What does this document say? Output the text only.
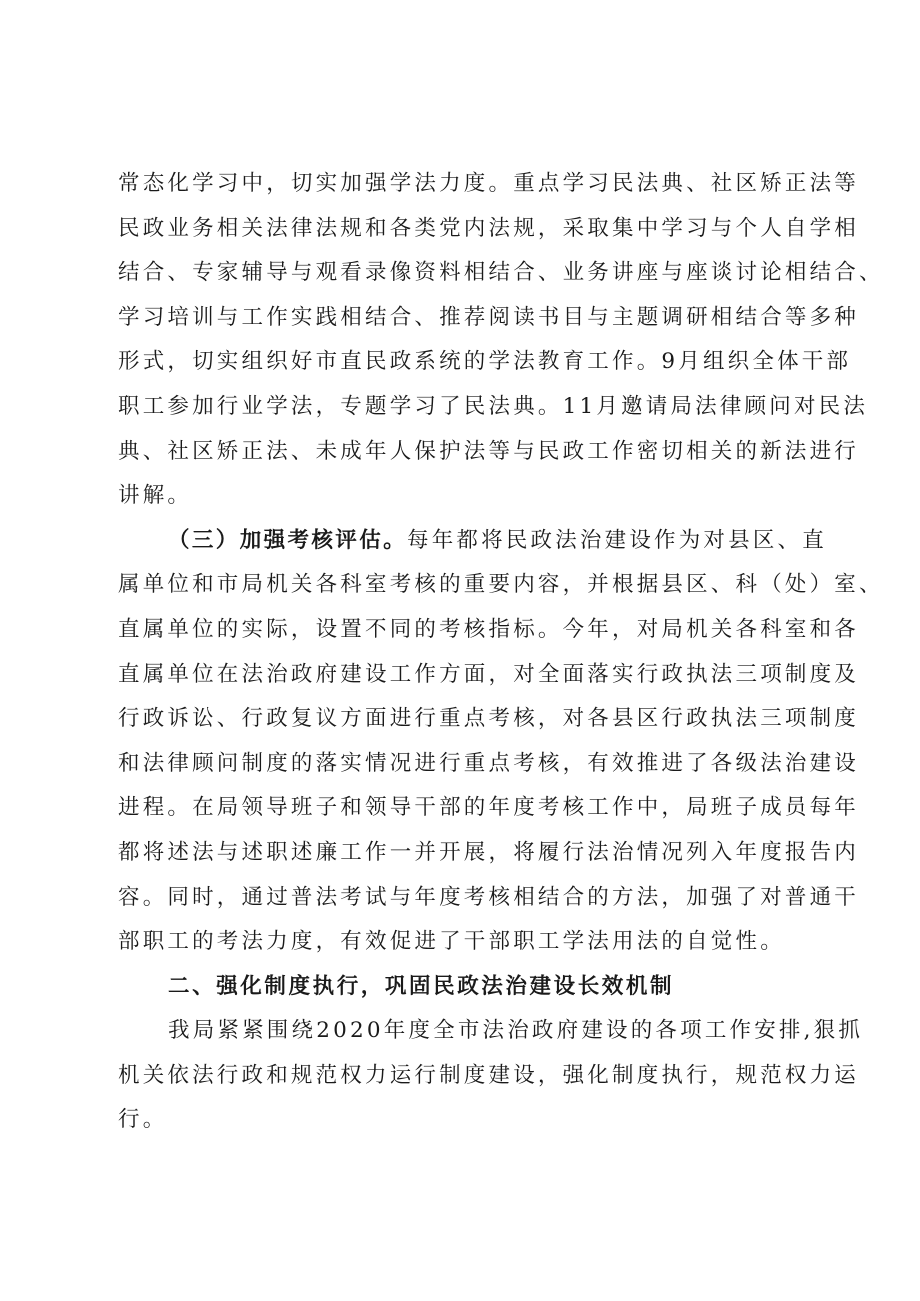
常态化学习中，切实加强学法力度。重点学习民法典、社区矫正法等
民政业务相关法律法规和各类党内法规，采取集中学习与个人自学相
结合、专家辅导与观看录像资料相结合、业务讲座与座谈讨论相结合、
学习培训与工作实践相结合、推荐阅读书目与主题调研相结合等多种
形式，切实组织好市直民政系统的学法教育工作。9月组织全体干部
职工参加行业学法，专题学习了民法典。11月邀请局法律顾问对民法
典、社区矫正法、未成年人保护法等与民政工作密切相关的新法进行
讲解。
（三）加强考核评估。每年都将民政法治建设作为对县区、直
属单位和市局机关各科室考核的重要内容，并根据县区、科（处）室、
直属单位的实际，设置不同的考核指标。今年，对局机关各科室和各
直属单位在法治政府建设工作方面，对全面落实行政执法三项制度及
行政诉讼、行政复议方面进行重点考核，对各县区行政执法三项制度
和法律顾问制度的落实情况进行重点考核，有效推进了各级法治建设
进程。在局领导班子和领导干部的年度考核工作中，局班子成员每年
都将述法与述职述廉工作一并开展，将履行法治情况列入年度报告内
容。同时，通过普法考试与年度考核相结合的方法，加强了对普通干
部职工的考法力度，有效促进了干部职工学法用法的自觉性。
二、强化制度执行，巩固民政法治建设长效机制
我局紧紧围绕2020年度全市法治政府建设的各项工作安排,狠抓
机关依法行政和规范权力运行制度建设，强化制度执行，规范权力运
行。
